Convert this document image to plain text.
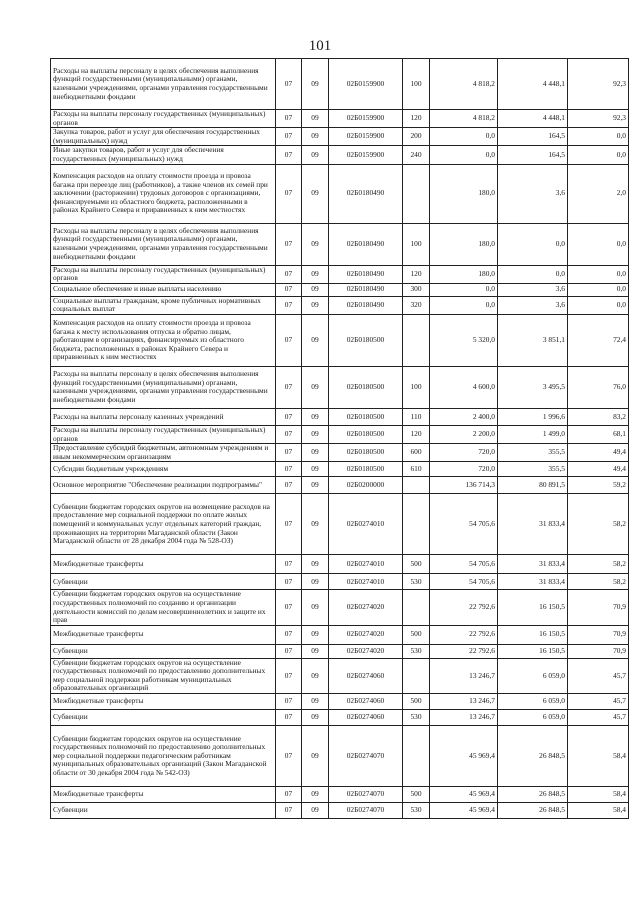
101
Расходы на выплаты персоналу в целях обеспечения выполнения функций государственными (муниципальными) органами, казенными учреждениями, органами управления государственными внебюджетными фондами	07	09	02Б0159900	100	4 818,2	4 448,1	92,3
Расходы на выплаты персоналу государственных (муниципальных) органов	07	09	02Б0159900	120	4 818,2	4 448,1	92,3
Закупка товаров, работ и услуг для обеспечения государственных (муниципальных) нужд	07	09	02Б0159900	200	0,0	164,5	0,0
Иные закупки товаров, работ и услуг для обеспечения государственных (муниципальных) нужд	07	09	02Б0159900	240	0,0	164,5	0,0
Компенсация расходов на оплату стоимости проезда и провоза багажа при переезде лиц (работников), а также членов их семей при заключении (расторжении) трудовых договоров с организациями, финансируемыми из областного бюджета, расположенными в районах Крайнего Севера и приравненных к ним местностях	07	09	02Б0180490		180,0	3,6	2,0
Расходы на выплаты персоналу в целях обеспечения выполнения функций государственными (муниципальными) органами, казенными учреждениями, органами управления государственными внебюджетными фондами	07	09	02Б0180490	100	180,0	0,0	0,0
Расходы на выплаты персоналу государственных (муниципальных) органов	07	09	02Б0180490	120	180,0	0,0	0,0
Социальное обеспечение и иные выплаты населению	07	09	02Б0180490	300	0,0	3,6	0,0
Социальные выплаты гражданам, кроме публичных нормативных социальных выплат	07	09	02Б0180490	320	0,0	3,6	0,0
Компенсация расходов на оплату стоимости проезда и провоза багажа к месту использования отпуска и обратно лицам, работающим в организациях, финансируемых из областного бюджета, расположенных в районах Крайнего Севера и приравненных к ним местностях	07	09	02Б0180500		5 320,0	3 851,1	72,4
Расходы на выплаты персоналу в целях обеспечения выполнения функций государственными (муниципальными) органами, казенными учреждениями, органами управления государственными внебюджетными фондами	07	09	02Б0180500	100	4 600,0	3 495,5	76,0
Расходы на выплаты персоналу казенных учреждений	07	09	02Б0180500	110	2 400,0	1 996,6	83,2
Расходы на выплаты персоналу государственных (муниципальных) органов	07	09	02Б0180500	120	2 200,0	1 499,0	68,1
Предоставление субсидий бюджетным, автономным учреждениям и иным некоммерческим организациям	07	09	02Б0180500	600	720,0	355,5	49,4
Субсидии бюджетным учреждениям	07	09	02Б0180500	610	720,0	355,5	49,4
Основное мероприятие "Обеспечение реализации подпрограммы"	07	09	02Б0200000		136 714,3	80 891,5	59,2
Субвенции бюджетам городских округов на возмещение расходов на предоставление мер социальной поддержки по оплате жилых помещений и коммунальных услуг отдельных категорий граждан, проживающих на территории Магаданской области (Закон Магаданской области от 28 декабря 2004 года № 528-ОЗ)	07	09	02Б0274010		54 705,6	31 833,4	58,2
Межбюджетные трансферты	07	09	02Б0274010	500	54 705,6	31 833,4	58,2
Субвенции	07	09	02Б0274010	530	54 705,6	31 833,4	58,2
Субвенции бюджетам городских округов на осуществление государственных полномочий по созданию и организации деятельности комиссий по делам несовершеннолетних и защите их прав	07	09	02Б0274020		22 792,6	16 150,5	70,9
Межбюджетные трансферты	07	09	02Б0274020	500	22 792,6	16 150,5	70,9
Субвенции	07	09	02Б0274020	530	22 792,6	16 150,5	70,9
Субвенции бюджетам городских округов на осуществление государственных полномочий по предоставлению дополнительных мер социальной поддержки работникам муниципальных образовательных организаций	07	09	02Б0274060		13 246,7	6 059,0	45,7
Межбюджетные трансферты	07	09	02Б0274060	500	13 246,7	6 059,0	45,7
Субвенции	07	09	02Б0274060	530	13 246,7	6 059,0	45,7
Субвенции бюджетам городских округов на осуществление государственных полномочий по предоставлению дополнительных мер социальной поддержки педагогическим работникам муниципальных образовательных организаций (Закон Магаданской области от 30 декабря 2004 года № 542-ОЗ)	07	09	02Б0274070		45 969,4	26 848,5	58,4
Межбюджетные трансферты	07	09	02Б0274070	500	45 969,4	26 848,5	58,4
Субвенции	07	09	02Б0274070	530	45 969,4	26 848,5	58,4
